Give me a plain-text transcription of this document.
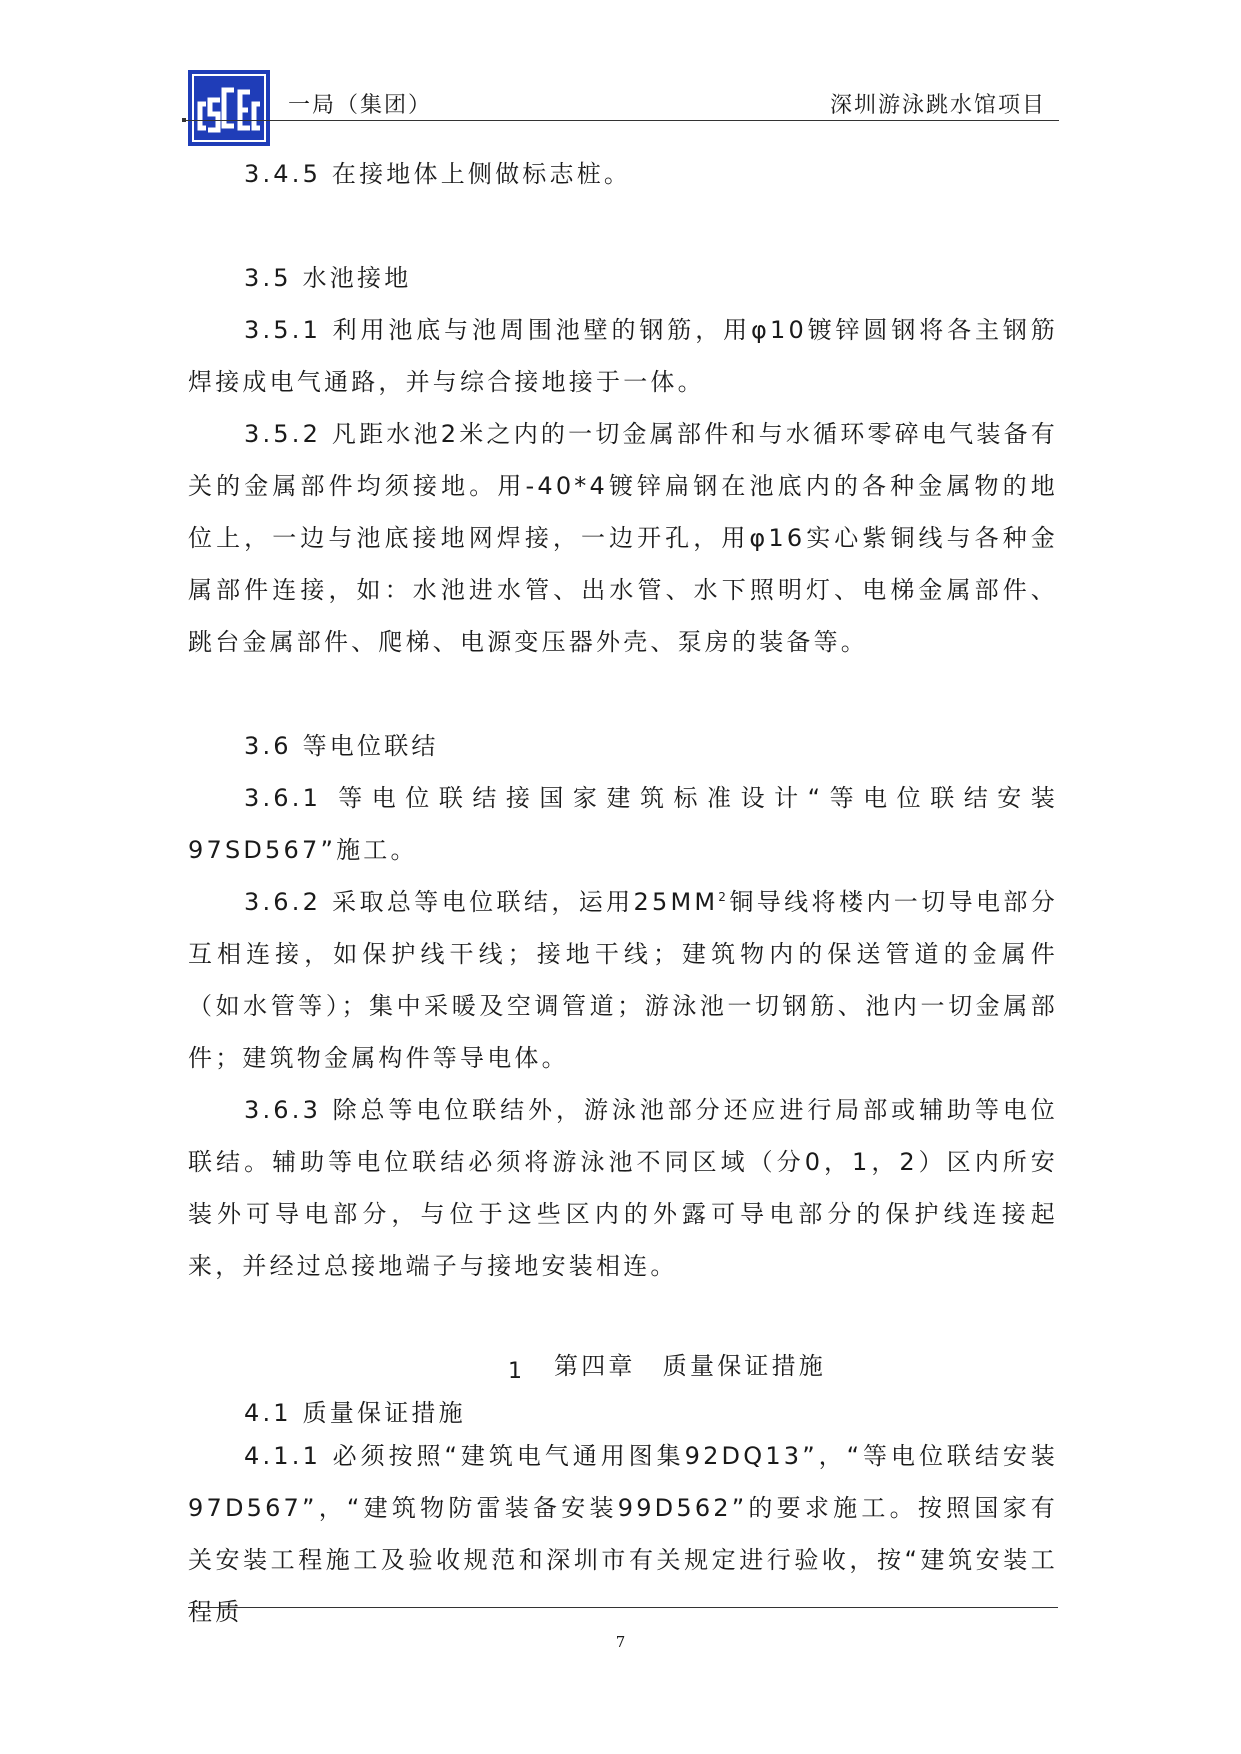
一局（集团）	深圳游泳跳水馆项目

3.4.5 在接地体上侧做标志桩。

3.5 水池接地

3.5.1 利用池底与池周围池壁的钢筋，用φ10镀锌圆钢将各主钢筋焊接成电气通路，并与综合接地接于一体。

3.5.2 凡距水池2米之内的一切金属部件和与水循环零碎电气装备有关的金属部件均须接地。用-40*4镀锌扁钢在池底内的各种金属物的地位上，一边与池底接地网焊接，一边开孔，用φ16实心紫铜线与各种金属部件连接，如：水池进水管、出水管、水下照明灯、电梯金属部件、跳台金属部件、爬梯、电源变压器外壳、泵房的装备等。

3.6 等电位联结

3.6.1 等电位联结接国家建筑标准设计“等电位联结安装97SD567”施工。

3.6.2 采取总等电位联结，运用$25MM^2$铜导线将楼内一切导电部分互相连接，如保护线干线；接地干线；建筑物内的保送管道的金属件（如水管等）；集中采暖及空调管道；游泳池一切钢筋、池内一切金属部件；建筑物金属构件等导电体。

3.6.3 除总等电位联结外，游泳池部分还应进行局部或辅助等电位联结。辅助等电位联结必须将游泳池不同区域（分0，1，2）区内所安装外可导电部分，与位于这些区内的外露可导电部分的保护线连接起来，并经过总接地端子与接地安装相连。

1 第四章　质量保证措施

4.1 质量保证措施

4.1.1 必须按照“建筑电气通用图集92DQ13”，“等电位联结安装97D567”，“建筑物防雷装备安装99D562”的要求施工。按照国家有关安装工程施工及验收规范和深圳市有关规定进行验收，按“建筑安装工程质

7
